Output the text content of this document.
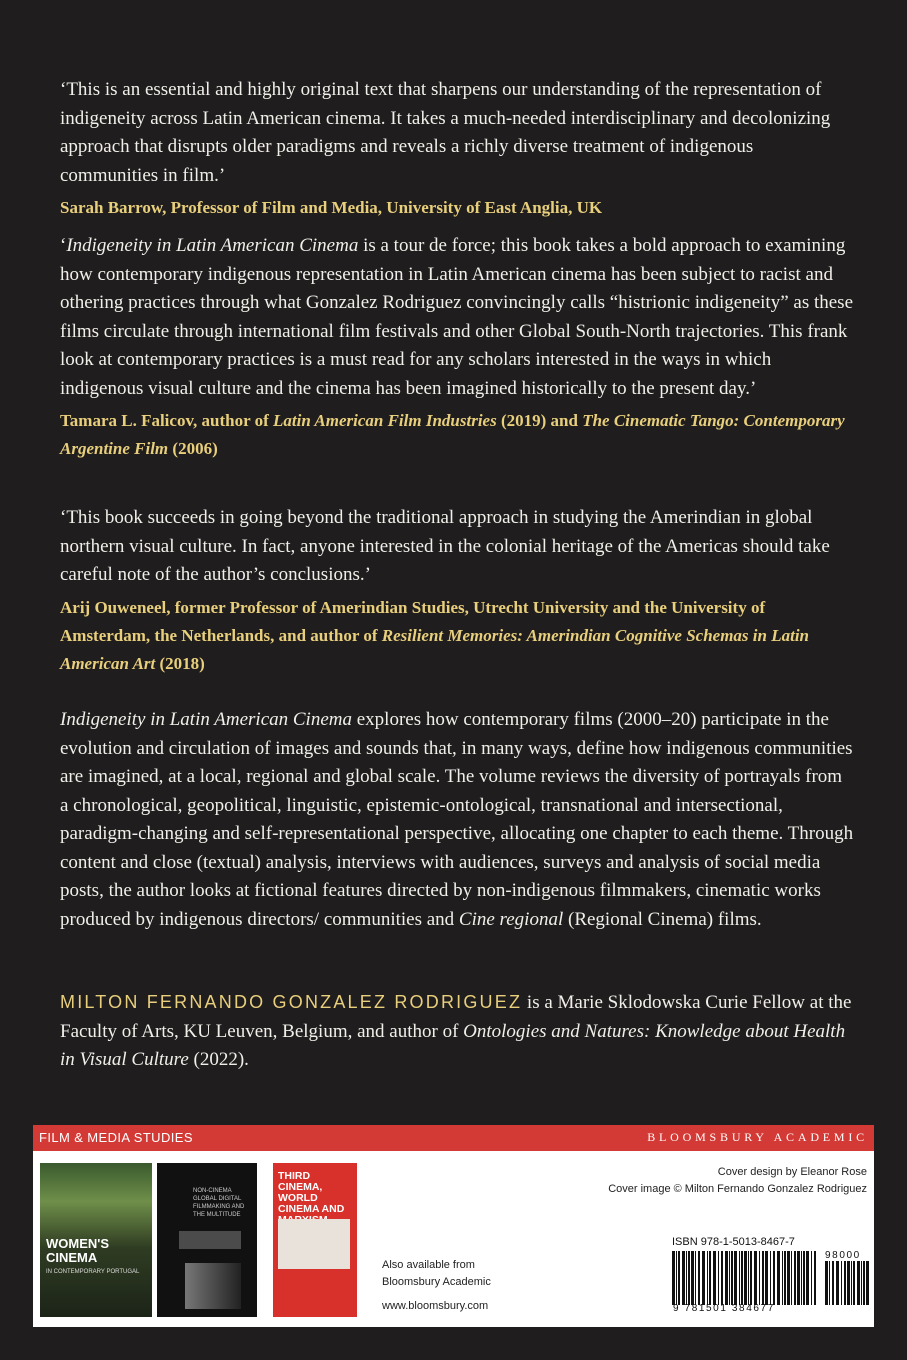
‘This is an essential and highly original text that sharpens our understanding of the representation of indigeneity across Latin American cinema. It takes a much-needed interdisciplinary and decolonizing approach that disrupts older paradigms and reveals a richly diverse treatment of indigenous communities in film.’

Sarah Barrow, Professor of Film and Media, University of East Anglia, UK

‘Indigeneity in Latin American Cinema is a tour de force; this book takes a bold approach to examining how contemporary indigenous representation in Latin American cinema has been subject to racist and othering practices through what Gonzalez Rodriguez convincingly calls “histrionic indigeneity” as these films circulate through international film festivals and other Global South-North trajectories. This frank look at contemporary practices is a must read for any scholars interested in the ways in which indigenous visual culture and the cinema has been imagined historically to the present day.’

Tamara L. Falicov, author of Latin American Film Industries (2019) and The Cinematic Tango: Contemporary Argentine Film (2006)

‘This book succeeds in going beyond the traditional approach in studying the Amerindian in global northern visual culture. In fact, anyone interested in the colonial heritage of the Americas should take careful note of the author’s conclusions.’

Arij Ouweneel, former Professor of Amerindian Studies, Utrecht University and the University of Amsterdam, the Netherlands, and author of Resilient Memories: Amerindian Cognitive Schemas in Latin American Art (2018)

Indigeneity in Latin American Cinema explores how contemporary films (2000–20) participate in the evolution and circulation of images and sounds that, in many ways, define how indigenous communities are imagined, at a local, regional and global scale. The volume reviews the diversity of portrayals from a chronological, geopolitical, linguistic, epistemic-ontological, transnational and intersectional, paradigm-changing and self-representational perspective, allocating one chapter to each theme. Through content and close (textual) analysis, interviews with audiences, surveys and analysis of social media posts, the author looks at fictional features directed by non-indigenous filmmakers, cinematic works produced by indigenous directors/ communities and Cine regional (Regional Cinema) films.

MILTON FERNANDO GONZALEZ RODRIGUEZ is a Marie Sklodowska Curie Fellow at the Faculty of Arts, KU Leuven, Belgium, and author of Ontologies and Natures: Knowledge about Health in Visual Culture (2022).

FILM & MEDIA STUDIES	BLOOMSBURY ACADEMIC
WOMEN'S CINEMA
IN CONTEMPORARY PORTUGAL
NON-CINEMA
GLOBAL DIGITAL FILMMAKING AND THE MULTITUDE
THIRD CINEMA, WORLD CINEMA AND
Also available from
Bloomsbury Academic
www.bloomsbury.com
Cover design by Eleanor Rose
Cover image © Milton Fernando Gonzalez Rodriguez
ISBN 978-1-5013-8467-7
98000
9 781501 384677
